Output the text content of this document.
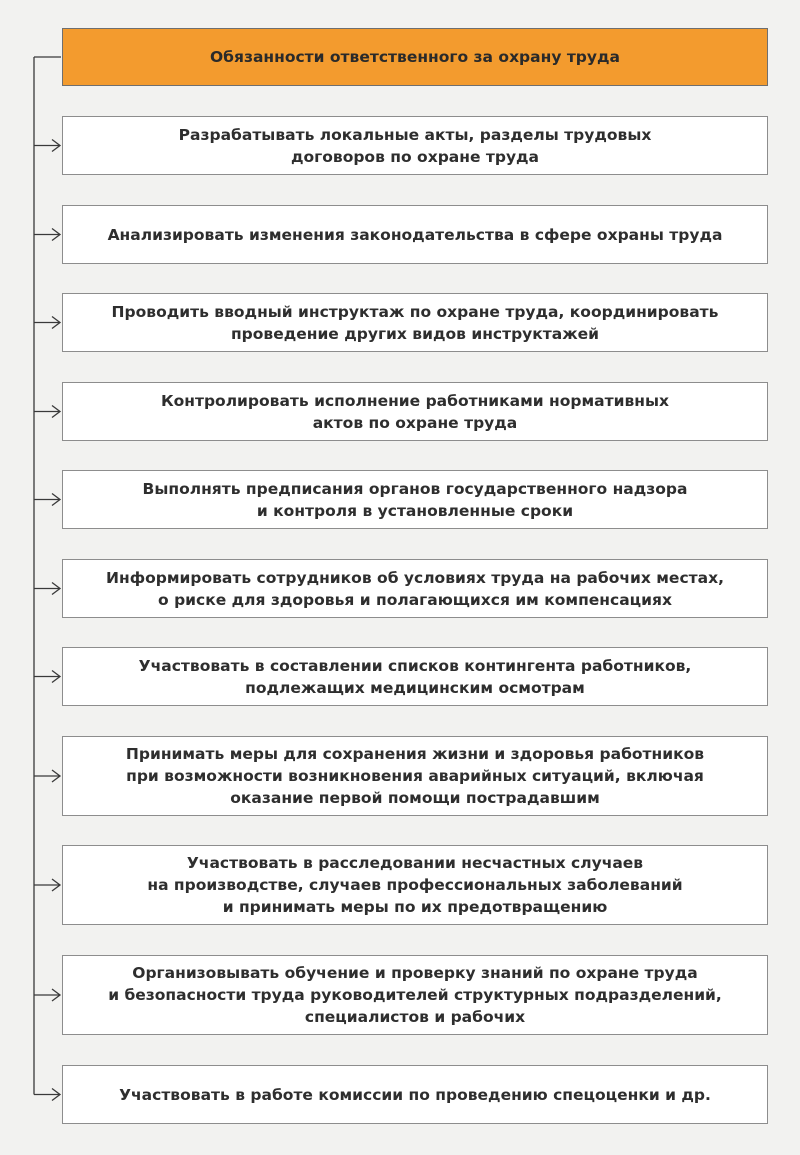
Обязанности ответственного за охрану труда
Разрабатывать локальные акты, разделы трудовых
договоров по охране труда
Анализировать изменения законодательства в сфере охраны труда
Проводить вводный инструктаж по охране труда, координировать
проведение других видов инструктажей
Контролировать исполнение работниками нормативных
актов по охране труда
Выполнять предписания органов государственного надзора
и контроля в установленные сроки
Информировать сотрудников об условиях труда на рабочих местах,
о риске для здоровья и полагающихся им компенсациях
Участвовать в составлении списков контингента работников,
подлежащих медицинским осмотрам
Принимать меры для сохранения жизни и здоровья работников
при возможности возникновения аварийных ситуаций, включая
оказание первой помощи пострадавшим
Участвовать в расследовании несчастных случаев
на производстве, случаев профессиональных заболеваний
и принимать меры по их предотвращению
Организовывать обучение и проверку знаний по охране труда
и безопасности труда руководителей структурных подразделений,
специалистов и рабочих
Участвовать в работе комиссии по проведению спецоценки и др.
